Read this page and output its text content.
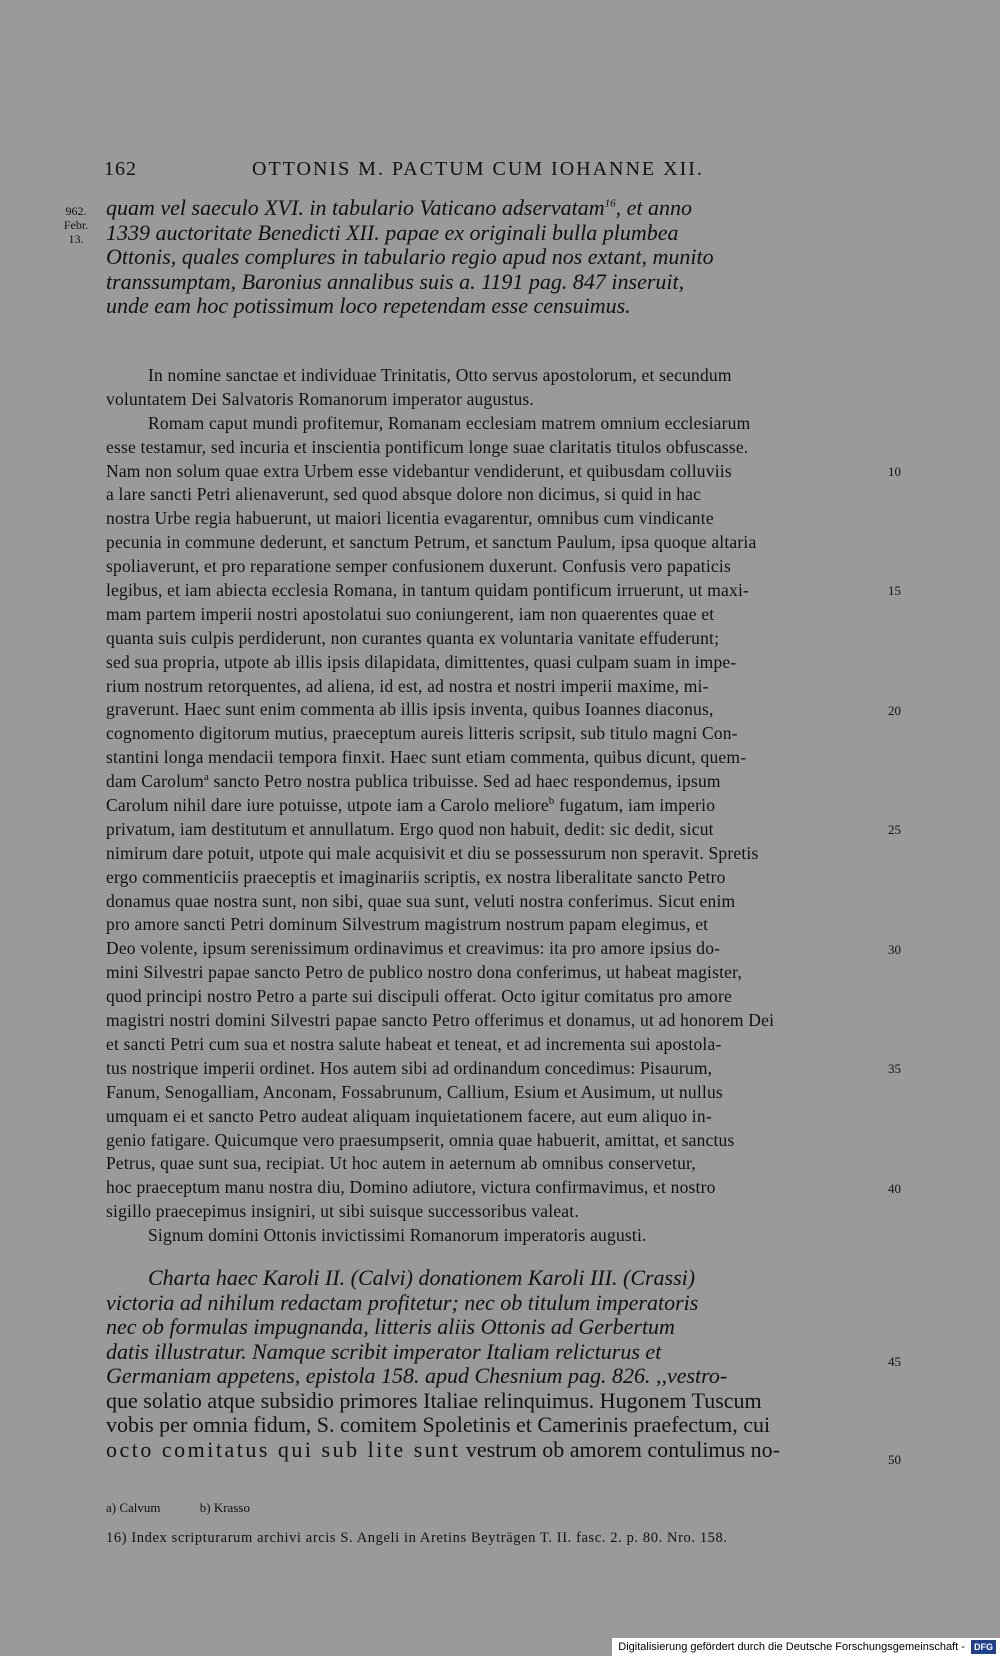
162	OTTONIS M. PACTUM CUM IOHANNE XII.
962.
Febr.
13.
quam vel saeculo XVI. in tabulario Vaticano adservatam$^{16}$, et anno
1339 auctoritate Benedicti XII. papae ex originali bulla plumbea
Ottonis, quales complures in tabulario regio apud nos extant, munito
transsumptam, Baronius annalibus suis a. 1191 pag. 847 inseruit,
unde eam hoc potissimum loco repetendam esse censuimus.
In nomine sanctae et individuae Trinitatis, Otto servus apostolorum, et secundum
voluntatem Dei Salvatoris Romanorum imperator augustus.
Romam caput mundi profitemur, Romanam ecclesiam matrem omnium ecclesiarum
esse testamur, sed incuria et inscientia pontificum longe suae claritatis titulos obfuscasse.
Nam non solum quae extra Urbem esse videbantur vendiderunt, et quibusdam colluviis
a lare sancti Petri alienaverunt, sed quod absque dolore non dicimus, si quid in hac
nostra Urbe regia habuerunt, ut maiori licentia evagarentur, omnibus cum vindicante
pecunia in commune dederunt, et sanctum Petrum, et sanctum Paulum, ipsa quoque altaria
spoliaverunt, et pro reparatione semper confusionem duxerunt. Confusis vero papaticis
legibus, et iam abiecta ecclesia Romana, in tantum quidam pontificum irruerunt, ut maxi-
mam partem imperii nostri apostolatui suo coniungerent, iam non quaerentes quae et
quanta suis culpis perdiderunt, non curantes quanta ex voluntaria vanitate effuderunt;
sed sua propria, utpote ab illis ipsis dilapidata, dimittentes, quasi culpam suam in impe-
rium nostrum retorquentes, ad aliena, id est, ad nostra et nostri imperii maxime, mi-
graverunt. Haec sunt enim commenta ab illis ipsis inventa, quibus Ioannes diaconus,
cognomento digitorum mutius, praeceptum aureis litteris scripsit, sub titulo magni Con-
stantini longa mendacii tempora finxit. Haec sunt etiam commenta, quibus dicunt, quem-
dam Carolum$^a$ sancto Petro nostra publica tribuisse. Sed ad haec respondemus, ipsum
Carolum nihil dare iure potuisse, utpote iam a Carolo meliore$^b$ fugatum, iam imperio
privatum, iam destitutum et annullatum. Ergo quod non habuit, dedit: sic dedit, sicut
nimirum dare potuit, utpote qui male acquisivit et diu se possessurum non speravit. Spretis
ergo commenticiis praeceptis et imaginariis scriptis, ex nostra liberalitate sancto Petro
donamus quae nostra sunt, non sibi, quae sua sunt, veluti nostra conferimus. Sicut enim
pro amore sancti Petri dominum Silvestrum magistrum nostrum papam elegimus, et
Deo volente, ipsum serenissimum ordinavimus et creavimus: ita pro amore ipsius do-
mini Silvestri papae sancto Petro de publico nostro dona conferimus, ut habeat magister,
quod principi nostro Petro a parte sui discipuli offerat. Octo igitur comitatus pro amore
magistri nostri domini Silvestri papae sancto Petro offerimus et donamus, ut ad honorem Dei
et sancti Petri cum sua et nostra salute habeat et teneat, et ad incrementa sui apostola-
tus nostrique imperii ordinet. Hos autem sibi ad ordinandum concedimus: Pisaurum,
Fanum, Senogalliam, Anconam, Fossabrunum, Callium, Esium et Ausimum, ut nullus
umquam ei et sancto Petro audeat aliquam inquietationem facere, aut eum aliquo in-
genio fatigare. Quicumque vero praesumpserit, omnia quae habuerit, amittat, et sanctus
Petrus, quae sunt sua, recipiat. Ut hoc autem in aeternum ab omnibus conservetur,
hoc praeceptum manu nostra diu, Domino adiutore, victura confirmavimus, et nostro
sigillo praecepimus insigniri, ut sibi suisque successoribus valeat.
Signum domini Ottonis invictissimi Romanorum imperatoris augusti.
10
15
20
25
30
35
40
Charta haec Karoli II. (Calvi) donationem Karoli III. (Crassi)
victoria ad nihilum redactam profitetur; nec ob titulum imperatoris
nec ob formulas impugnanda, litteris aliis Ottonis ad Gerbertum
datis illustratur. Namque scribit imperator Italiam relicturus et
Germaniam appetens, epistola 158. apud Chesnium pag. 826. ,,vestro-
que solatio atque subsidio primores Italiae relinquimus. Hugonem Tuscum
vobis per omnia fidum, S. comitem Spoletinis et Camerinis praefectum, cui
octo comitatus qui sub lite sunt vestrum ob amorem contulimus no-
45
50
a) Calvum	b) Krasso
16) Index scripturarum archivi arcis S. Angeli in Aretins Beyträgen T. II. fasc. 2. p. 80. Nro. 158.
Digitalisierung gefördert durch die Deutsche Forschungsgemeinschaft - DFG
